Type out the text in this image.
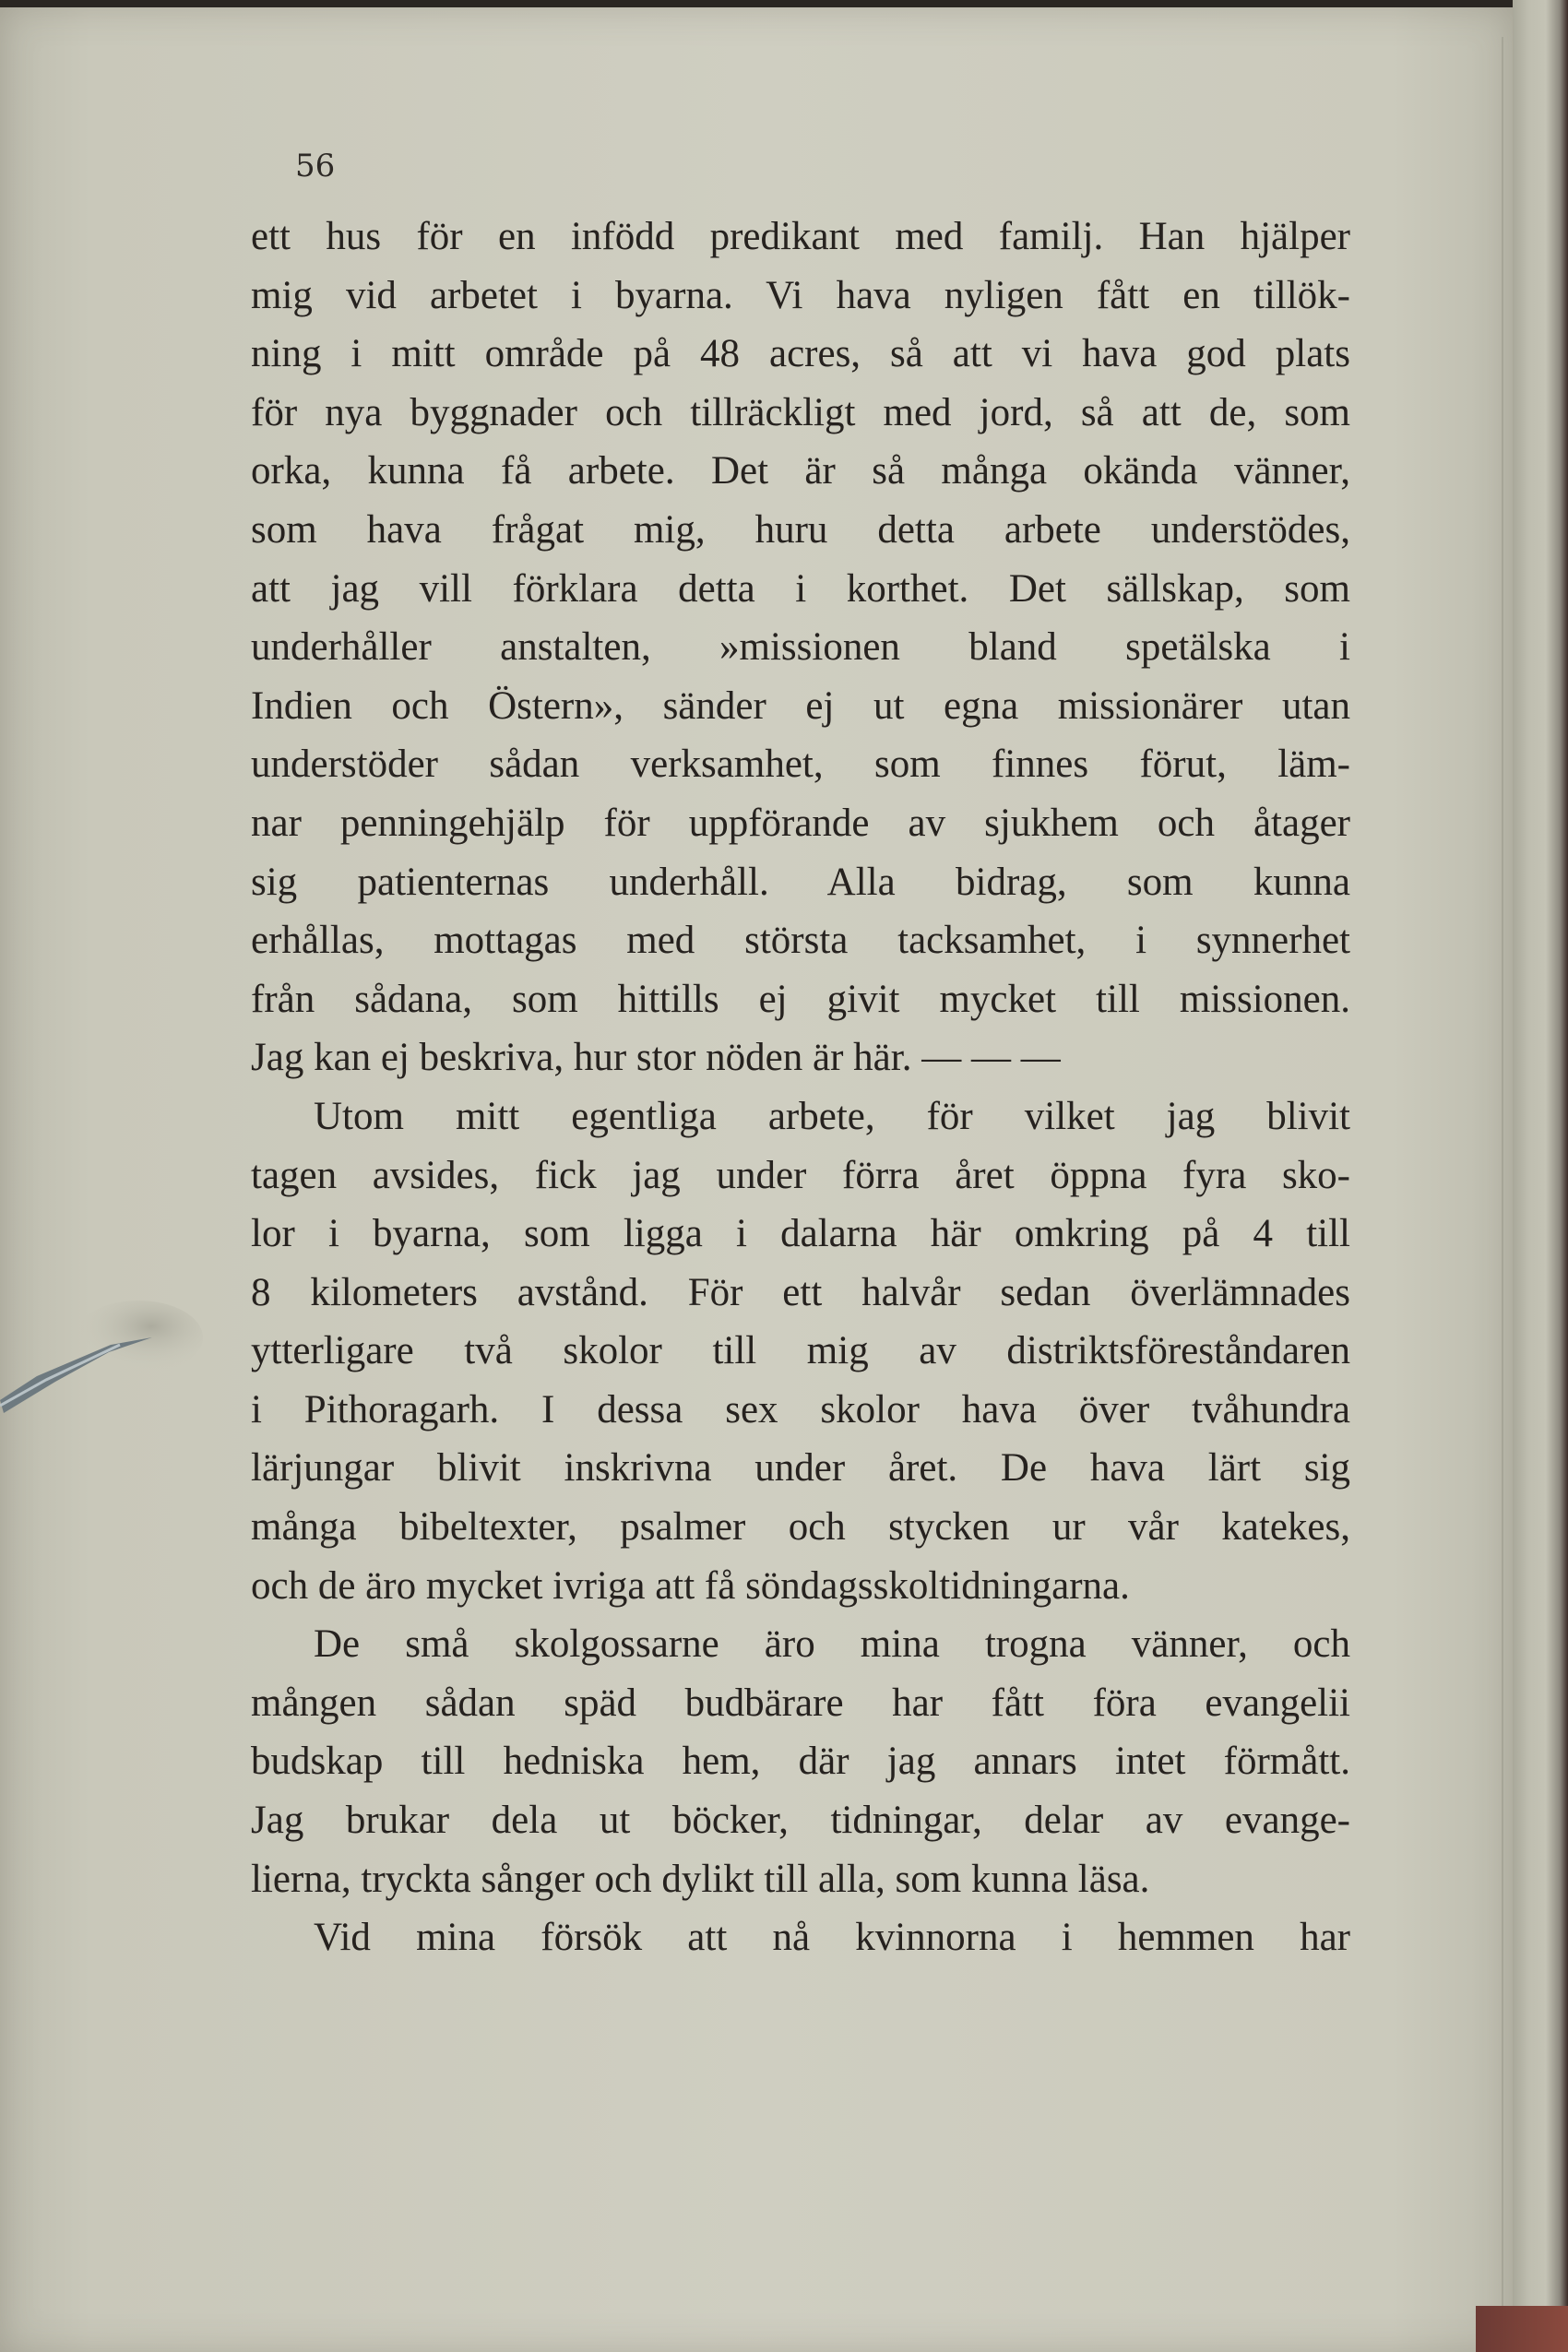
56
ett hus för en infödd predikant med familj. Han hjälper
mig vid arbetet i byarna. Vi hava nyligen fått en tillök-
ning i mitt område på 48 acres, så att vi hava god plats
för nya byggnader och tillräckligt med jord, så att de, som
orka, kunna få arbete. Det är så många okända vänner,
som hava frågat mig, huru detta arbete understödes,
att jag vill förklara detta i korthet. Det sällskap, som
underhåller anstalten, »missionen bland spetälska i
Indien och Östern», sänder ej ut egna missionärer utan
understöder sådan verksamhet, som finnes förut, läm-
nar penningehjälp för uppförande av sjukhem och åtager
sig patienternas underhåll. Alla bidrag, som kunna
erhållas, mottagas med största tacksamhet, i synnerhet
från sådana, som hittills ej givit mycket till missionen.
Jag kan ej beskriva, hur stor nöden är här. — — —
Utom mitt egentliga arbete, för vilket jag blivit
tagen avsides, fick jag under förra året öppna fyra sko-
lor i byarna, som ligga i dalarna här omkring på 4 till
8 kilometers avstånd. För ett halvår sedan överlämnades
ytterligare två skolor till mig av distriktsföreståndaren
i Pithoragarh. I dessa sex skolor hava över tvåhundra
lärjungar blivit inskrivna under året. De hava lärt sig
många bibeltexter, psalmer och stycken ur vår katekes,
och de äro mycket ivriga att få söndagsskoltidningarna.
De små skolgossarne äro mina trogna vänner, och
mången sådan späd budbärare har fått föra evangelii
budskap till hedniska hem, där jag annars intet förmått.
Jag brukar dela ut böcker, tidningar, delar av evange-
lierna, tryckta sånger och dylikt till alla, som kunna läsa.
Vid mina försök att nå kvinnorna i hemmen har
